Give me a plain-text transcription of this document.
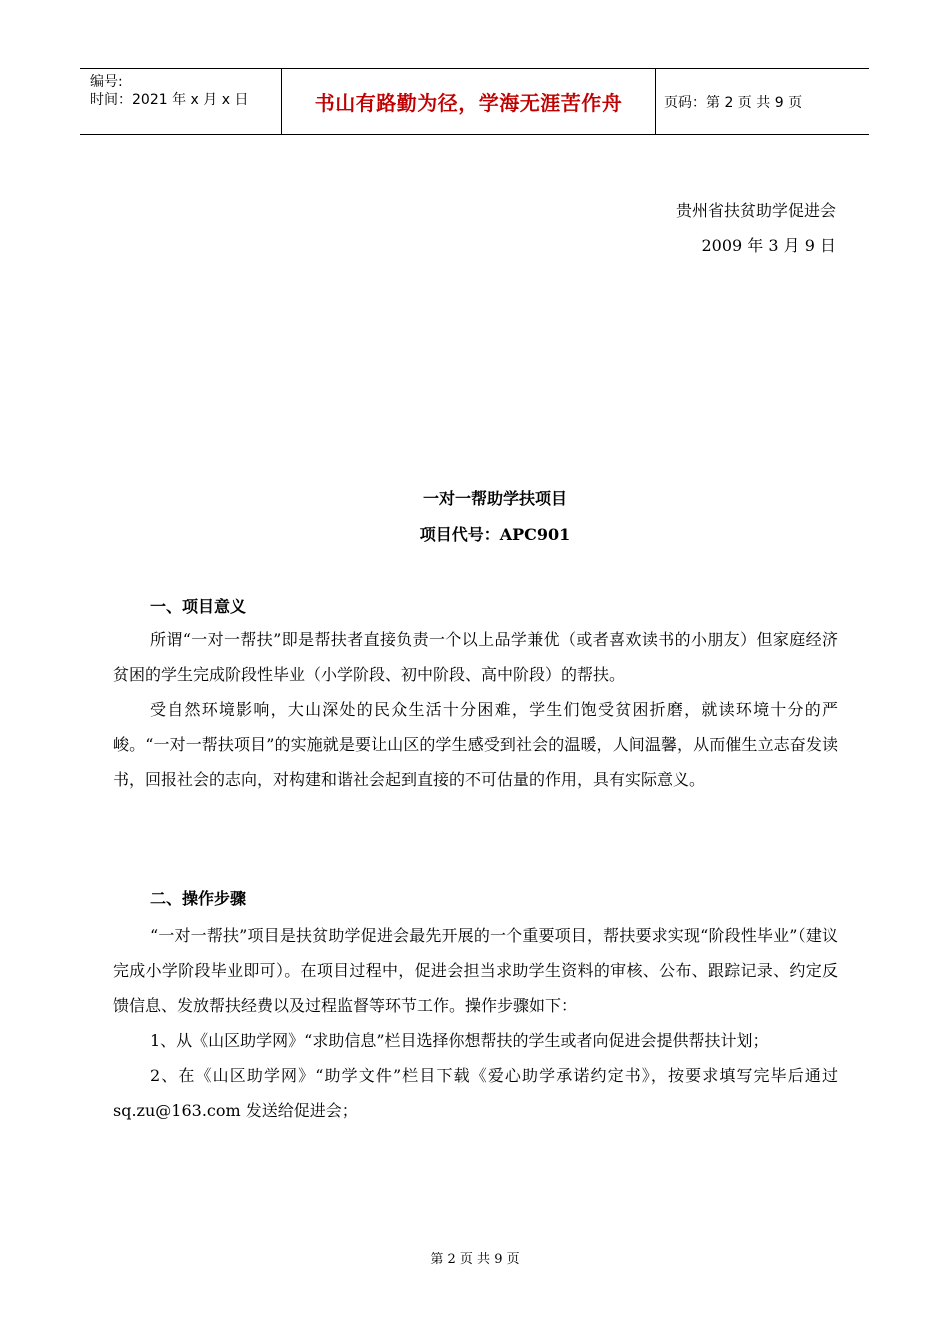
编号:
时间：2021 年 x 月 x 日	书山有路勤为径，学海无涯苦作舟	页码：第 2 页 共 9 页
贵州省扶贫助学促进会
2009 年 3 月 9 日
一对一帮助学扶项目
项目代号：APC901
一、项目意义

所谓“一对一帮扶”即是帮扶者直接负责一个以上品学兼优（或者喜欢读书的小朋友）但家庭经济贫困的学生完成阶段性毕业（小学阶段、初中阶段、高中阶段）的帮扶。

受自然环境影响，大山深处的民众生活十分困难，学生们饱受贫困折磨，就读环境十分的严峻。“一对一帮扶项目”的实施就是要让山区的学生感受到社会的温暖，人间温馨，从而催生立志奋发读书，回报社会的志向，对构建和谐社会起到直接的不可估量的作用，具有实际意义。

二、操作步骤

“一对一帮扶”项目是扶贫助学促进会最先开展的一个重要项目，帮扶要求实现“阶段性毕业”（建议完成小学阶段毕业即可）。在项目过程中，促进会担当求助学生资料的审核、公布、跟踪记录、约定反馈信息、发放帮扶经费以及过程监督等环节工作。操作步骤如下：

1、从《山区助学网》“求助信息”栏目选择你想帮扶的学生或者向促进会提供帮扶计划；

2、在《山区助学网》“助学文件”栏目下载《爱心助学承诺约定书》，按要求填写完毕后通过 sq.zu@163.com 发送给促进会；

第 2 页 共 9 页
